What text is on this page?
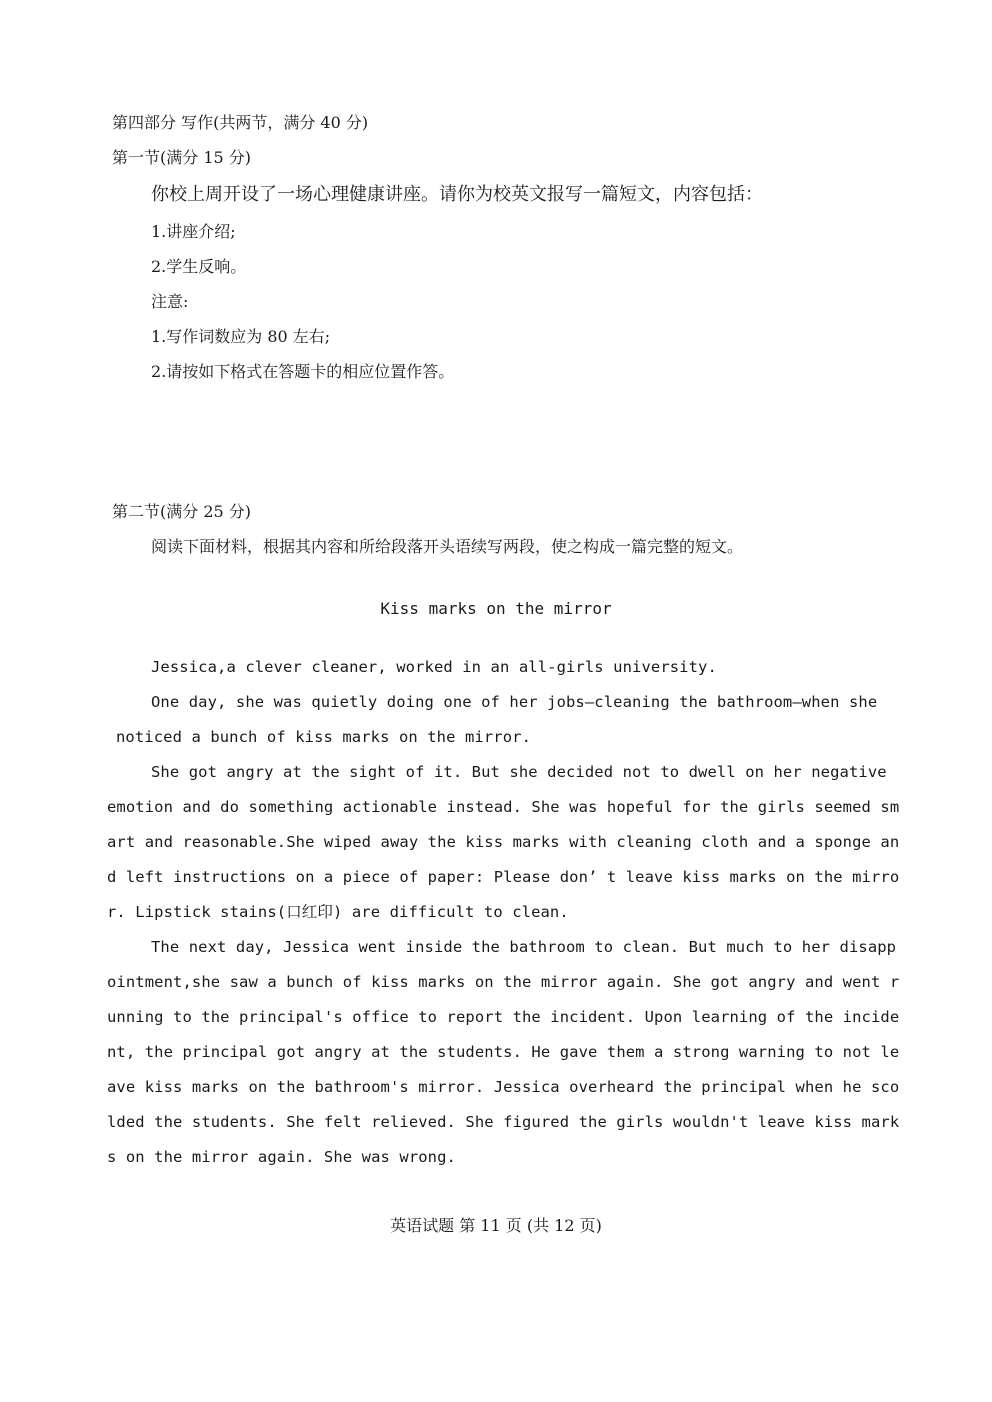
第四部分 写作(共两节，满分 40 分)
第一节(满分 15 分)
你校上周开设了一场心理健康讲座。请你为校英文报写一篇短文，内容包括：
1.讲座介绍;
2.学生反响。
注意:
1.写作词数应为 80 左右;
2.请按如下格式在答题卡的相应位置作答。
第二节(满分 25 分)
阅读下面材料，根据其内容和所给段落开头语续写两段，使之构成一篇完整的短文。
Kiss marks on the mirror
Jessica,a clever cleaner, worked in an all-girls university.
One day, she was quietly doing one of her jobs—cleaning the bathroom—when she
noticed a bunch of kiss marks on the mirror.
She got angry at the sight of it. But she decided not to dwell on her negative
emotion and do something actionable instead. She was hopeful for the girls seemed sm
art and reasonable.She wiped away the kiss marks with cleaning cloth and a sponge an
d left instructions on a piece of paper: Please don’ t leave kiss marks on the mirro
r. Lipstick stains(口红印) are difficult to clean.
The next day, Jessica went inside the bathroom to clean. But much to her disapp
ointment,she saw a bunch of kiss marks on the mirror again. She got angry and went r
unning to the principal's office to report the incident. Upon learning of the incide
nt, the principal got angry at the students. He gave them a strong warning to not le
ave kiss marks on the bathroom's mirror. Jessica overheard the principal when he sco
lded the students. She felt relieved. She figured the girls wouldn't leave kiss mark
s on the mirror again. She was wrong.
英语试题 第 11 页 (共 12 页)
